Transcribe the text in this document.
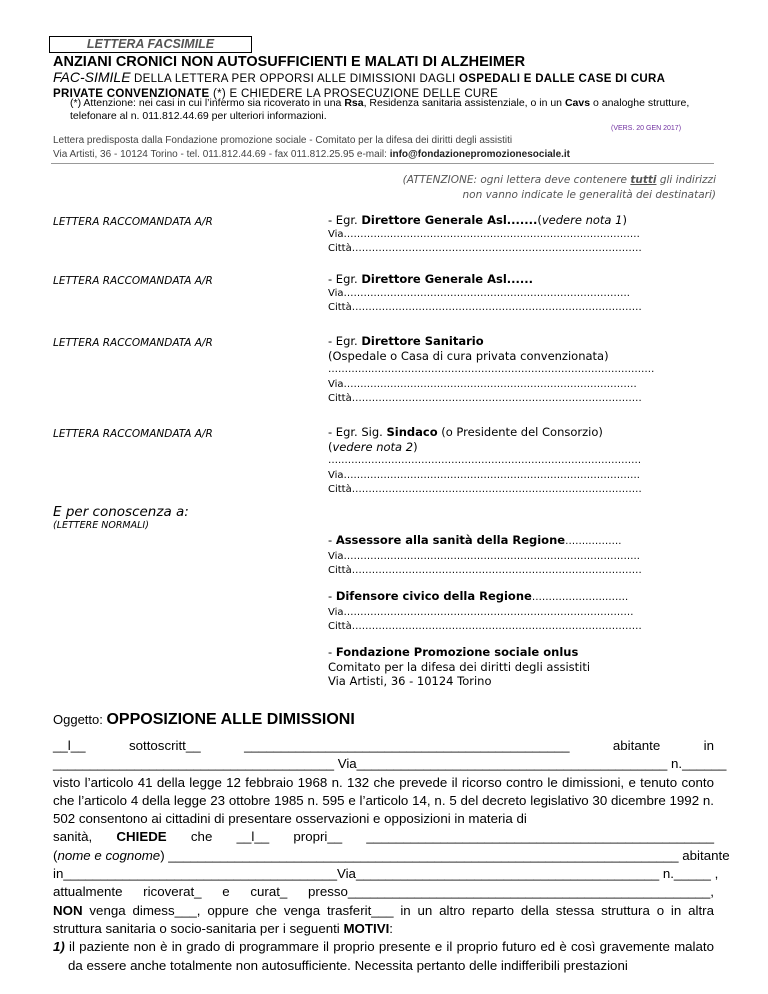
LETTERA FACSIMILE
ANZIANI CRONICI NON AUTOSUFFICIENTI E MALATI DI ALZHEIMER
FAC-SIMILE DELLA LETTERA PER OPPORSI ALLE DIMISSIONI DAGLI OSPEDALI E DALLE CASE DI CURA PRIVATE CONVENZIONATE (*) E CHIEDERE LA PROSECUZIONE DELLE CURE
(*) Attenzione: nei casi in cui l’infermo sia ricoverato in una Rsa, Residenza sanitaria assistenziale, o in un Cavs o analoghe strutture, telefonare al n. 011.812.44.69 per ulteriori informazioni.
(VERS. 20 GEN 2017)
Lettera predisposta dalla Fondazione promozione sociale - Comitato per la difesa dei diritti degli assistiti
Via Artisti, 36 - 10124 Torino - tel. 011.812.44.69 - fax 011.812.25.95 e-mail: info@fondazionepromozionesociale.it
(ATTENZIONE: ogni lettera deve contenere tutti gli indirizzi
non vanno indicate le generalità dei destinatari)
LETTERA RACCOMANDATA A/R	- Egr. Direttore Generale Asl.......(vedere nota 1)
Via…………..…………………………………………………………………
Città……………………………………………………………………………
LETTERA RACCOMANDATA A/R	- Egr. Direttore Generale Asl......
Via……….………………………………………………………………….
Città……………………………………………………………………………
LETTERA RACCOMANDATA A/R	- Egr. Direttore Sanitario
(Ospedale o Casa di cura privata convenzionata)
…………..…………………………………………………………………………
Via…….………………………………………………………………………
Città……………………………………………………………………………
LETTERA RACCOMANDATA A/R	- Egr. Sig. Sindaco (o Presidente del Consorzio)
(vedere nota 2)
….………………………………………………………………………………
Via….………………………………………………………………………….
Città……………………………………………………………………………
E per conoscenza a:
(LETTERE NORMALI)
- Assessore alla sanità della Regione…….……….
Via……………………………………………………………………………..
Città……………………………………………………………………………
- Difensore civico della Regione………………….…….
Via……………………………………………………………………………
Città……………………………………………………………………………
- Fondazione Promozione sociale onlus
Comitato per la difesa dei diritti degli assistiti
Via Artisti, 36 - 10124 Torino
Oggetto: OPPOSIZIONE ALLE DIMISSIONI
__l__	sottoscritt__	____________________________________________	abitante	in
______________________________________ Via__________________________________________ n.______

visto l’articolo 41 della legge 12 febbraio 1968 n. 132 che prevede il ricorso contro le dimissioni, e tenuto conto che l’articolo 4 della legge 23 ottobre 1985 n. 595 e l’articolo 14, n. 5 del decreto legislativo 30 dicembre 1992 n. 502 consentono ai cittadini di presentare osservazioni e opposizioni in materia di

sanità, CHIEDE che __l__ propri__ _______________________________________________
(nome e cognome) _____________________________________________________________________ abitante
in_____________________________________Via_________________________________________ n._____ ,
attualmente ricoverat_ e curat_ presso_________________________________________________,

NON venga dimess___, oppure che venga trasferit___ in un altro reparto della stessa struttura o in altra struttura sanitaria o socio-sanitaria per i seguenti MOTIVI:

1) il paziente non è in grado di programmare il proprio presente e il proprio futuro ed è così gravemente malato da essere anche totalmente non autosufficiente. Necessita pertanto delle indifferibili prestazioni
